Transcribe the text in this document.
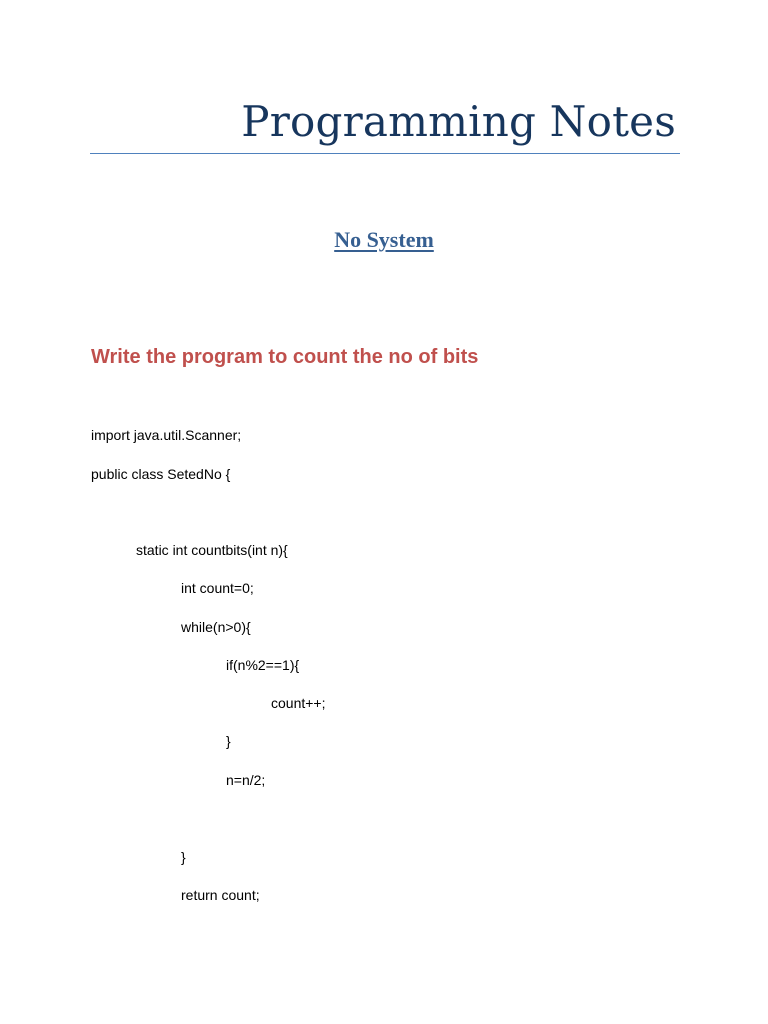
Programming Notes
No System
Write the program to count the no of bits

import java.util.Scanner;

public class SetedNo {

static int countbits(int n){

int count=0;

while(n>0){

if(n%2==1){

count++;

}

n=n/2;

}

return count;
